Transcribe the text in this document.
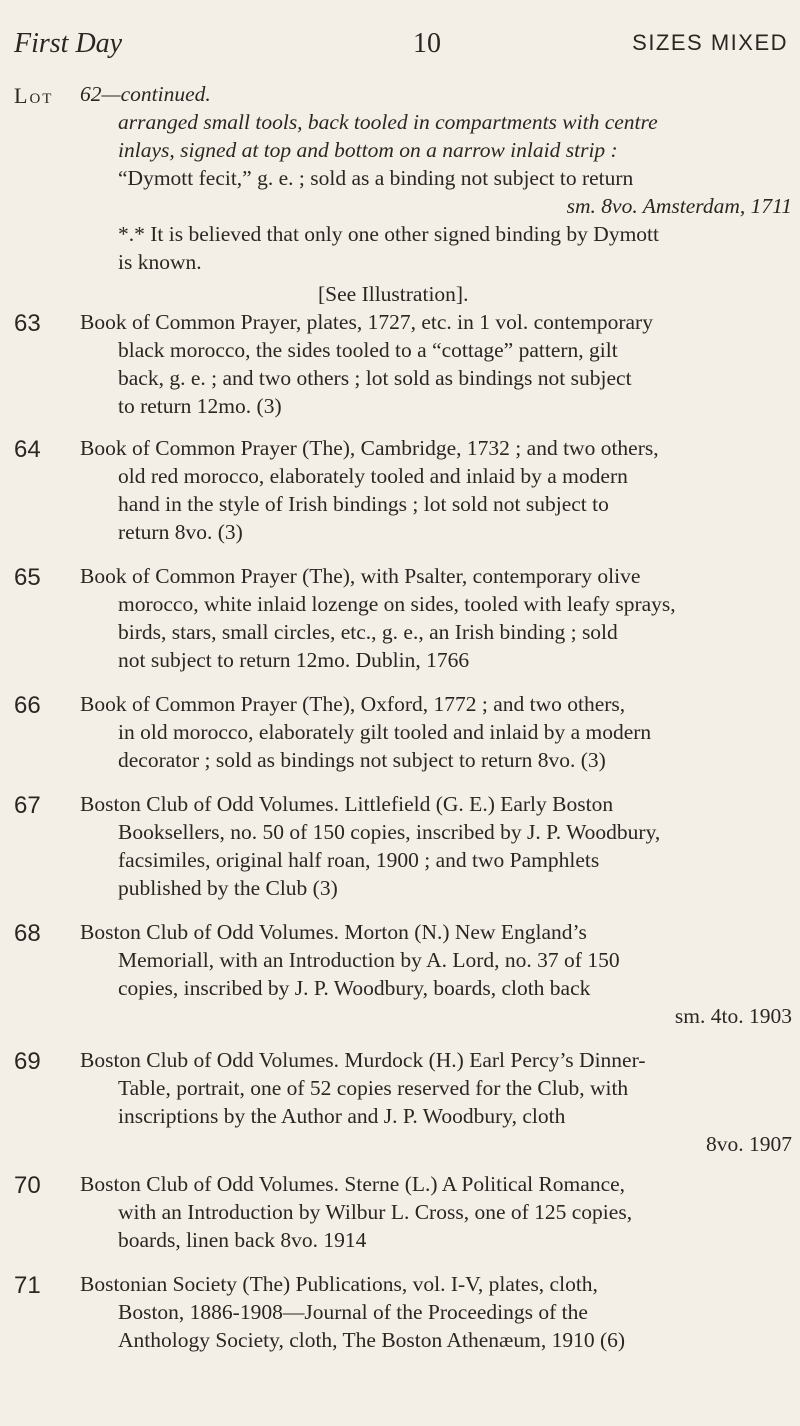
First Day	10	SIZES MIXED
Lot 62—continued.
arranged small tools, back tooled in compartments with centre
inlays, signed at top and bottom on a narrow inlaid strip :
“Dymott fecit,” g. e. ; sold as a binding not subject to return
sm. 8vo. Amsterdam, 1711
*.* It is believed that only one other signed binding by Dymott
is known.
[See Illustration].
63	Book of Common Prayer, plates, 1727, etc. in 1 vol. contemporary
black morocco, the sides tooled to a “cottage” pattern, gilt
back, g. e. ; and two others ; lot sold as bindings not subject
to return 12mo. (3)
64	Book of Common Prayer (The), Cambridge, 1732 ; and two others,
old red morocco, elaborately tooled and inlaid by a modern
hand in the style of Irish bindings ; lot sold not subject to
return 8vo. (3)
65	Book of Common Prayer (The), with Psalter, contemporary olive
morocco, white inlaid lozenge on sides, tooled with leafy sprays,
birds, stars, small circles, etc., g. e., an Irish binding ; sold
not subject to return 12mo. Dublin, 1766
66	Book of Common Prayer (The), Oxford, 1772 ; and two others,
in old morocco, elaborately gilt tooled and inlaid by a modern
decorator ; sold as bindings not subject to return 8vo. (3)
67	Boston Club of Odd Volumes. Littlefield (G. E.) Early Boston
Booksellers, no. 50 of 150 copies, inscribed by J. P. Woodbury,
facsimiles, original half roan, 1900 ; and two Pamphlets
published by the Club (3)
68	Boston Club of Odd Volumes. Morton (N.) New England’s
Memoriall, with an Introduction by A. Lord, no. 37 of 150
copies, inscribed by J. P. Woodbury, boards, cloth back
sm. 4to. 1903
69	Boston Club of Odd Volumes. Murdock (H.) Earl Percy’s Dinner-
Table, portrait, one of 52 copies reserved for the Club, with
inscriptions by the Author and J. P. Woodbury, cloth
8vo. 1907
70	Boston Club of Odd Volumes. Sterne (L.) A Political Romance,
with an Introduction by Wilbur L. Cross, one of 125 copies,
boards, linen back 8vo. 1914
71	Bostonian Society (The) Publications, vol. I-V, plates, cloth,
Boston, 1886-1908—Journal of the Proceedings of the
Anthology Society, cloth, The Boston Athenæum, 1910 (6)
